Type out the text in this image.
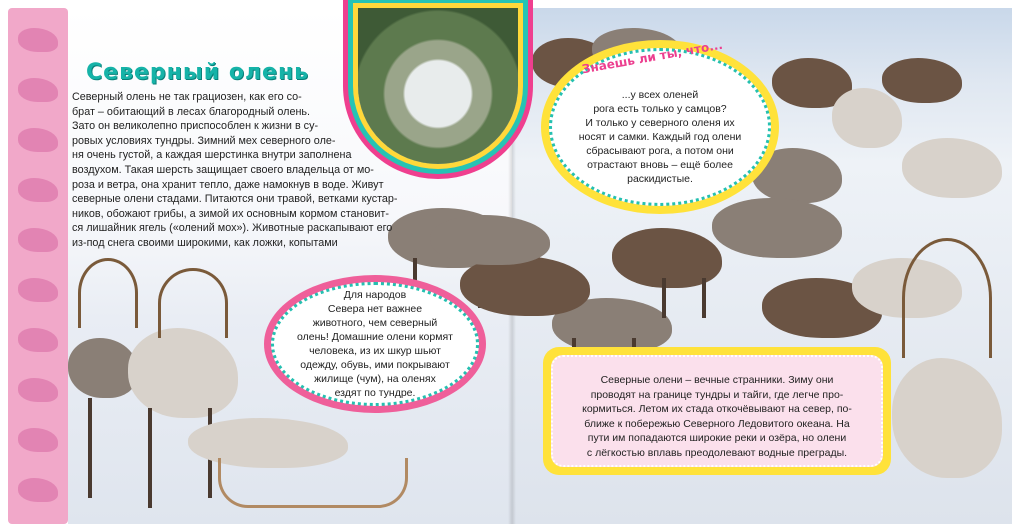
Северный олень
Северный олень не так грациозен, как его со-
брат – обитающий в лесах благородный олень.
Зато он великолепно приспособлен к жизни в су-
ровых условиях тундры. Зимний мех северного оле-
ня очень густой, а каждая шерстинка внутри заполнена
воздухом. Такая шерсть защищает своего владельца от мо-
роза и ветра, она хранит тепло, даже намокнув в воде. Живут
северные олени стадами. Питаются они травой, ветками кустар-
ников, обожают грибы, а зимой их основным кормом становит-
ся лишайник ягель («олений мох»). Животные раскапывают его
из-под снега своими широкими, как ложки, копытами
Для народов
Севера нет важнее
животного, чем северный
олень! Домашние олени кормят
человека, из их шкур шьют
одежду, обувь, ими покрывают
жилище (чум), на оленях
ездят по тундре.
Знаешь ли ты, что...
...у всех оленей
рога есть только у самцов?
И только у северного оленя их
носят и самки. Каждый год олени
сбрасывают рога, а потом они
отрастают вновь – ещё более
раскидистые.
Северные олени – вечные странники. Зиму они
проводят на границе тундры и тайги, где легче про-
кормиться. Летом их стада откочёвывают на север, по-
ближе к побережью Северного Ледовитого океана. На
пути им попадаются широкие реки и озёра, но олени
с лёгкостью вплавь преодолевают водные преграды.
